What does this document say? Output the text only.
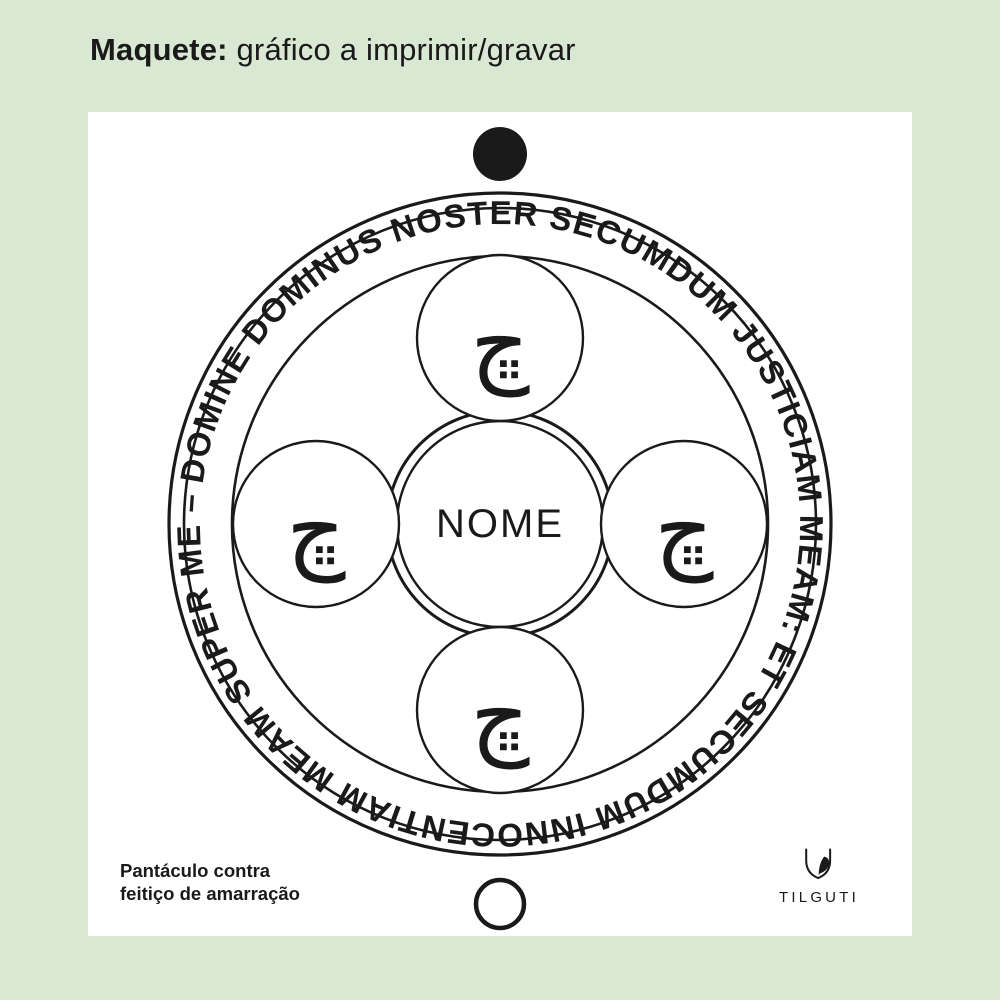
Maquete: gráfico a imprimir/gravar
DOMINE DOMINUS NOSTER SECUMDUM JUSTICIAM MEAM: ET SECUMDUM INNOCENTIAM MEAM SUPER ME –	NOME
ڇ
ڇ
ڇ	ڇ
Pantáculo contra
feitiço de amarração	TILGUTI
